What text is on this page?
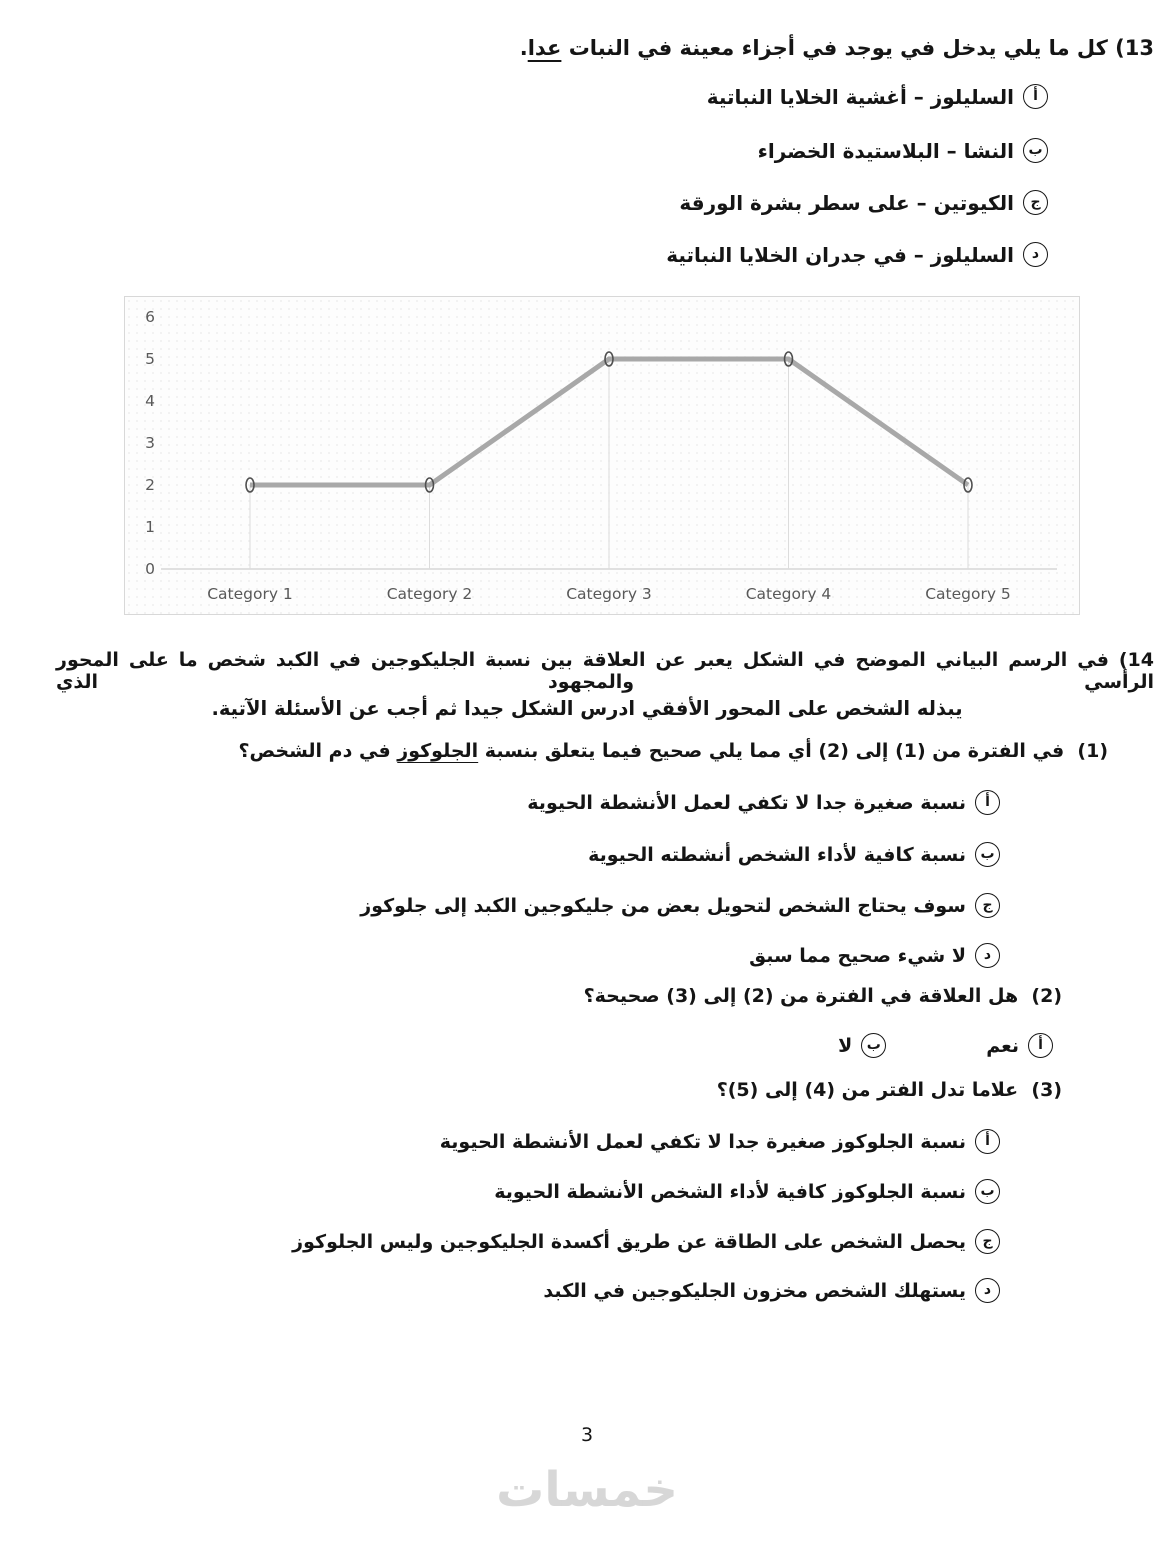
13) كل ما يلي يدخل في يوجد في أجزاء معينة في النبات عدا.
أ
السليلوز – أغشية الخلايا النباتية
ب
النشا – البلاستيدة الخضراء
ج
الكيوتين – على سطر بشرة الورقة
د
السليلوز – في جدران الخلايا النباتية
0
1
2
3
4
5
6
Category 1	Category 2	Category 3	Category 4	Category 5
14) في الرسم البياني الموضح في الشكل يعبر عن العلاقة بين نسبة الجليكوجين في الكبد شخص ما على المحور الرأسي والمجهود الذي
يبذله الشخص على المحور الأفقي ادرس الشكل جيدا ثم أجب عن الأسئلة الآتية.
(1)  في الفترة من (1) إلى (2) أي مما يلي صحيح فيما يتعلق بنسبة الجلوكوز في دم الشخص؟
أ
نسبة صغيرة جدا لا تكفي لعمل الأنشطة الحيوية
ب
نسبة كافية لأداء الشخص أنشطته الحيوية
ج
سوف يحتاج الشخص لتحويل بعض من جليكوجين الكبد إلى جلوكوز
د
لا شيء صحيح مما سبق
(2)  هل العلاقة في الفترة من (2) إلى (3) صحيحة؟
أ
نعم
ب
لا
(3)  علاما تدل الفتر من (4) إلى (5)؟
أ
نسبة الجلوكوز صغيرة جدا لا تكفي لعمل الأنشطة الحيوية
ب
نسبة الجلوكوز كافية لأداء الشخص الأنشطة الحيوية
ج
يحصل الشخص على الطاقة عن طريق أكسدة الجليكوجين وليس الجلوكوز
د
يستهلك الشخص مخزون الجليكوجين في الكبد
3
خمسات
